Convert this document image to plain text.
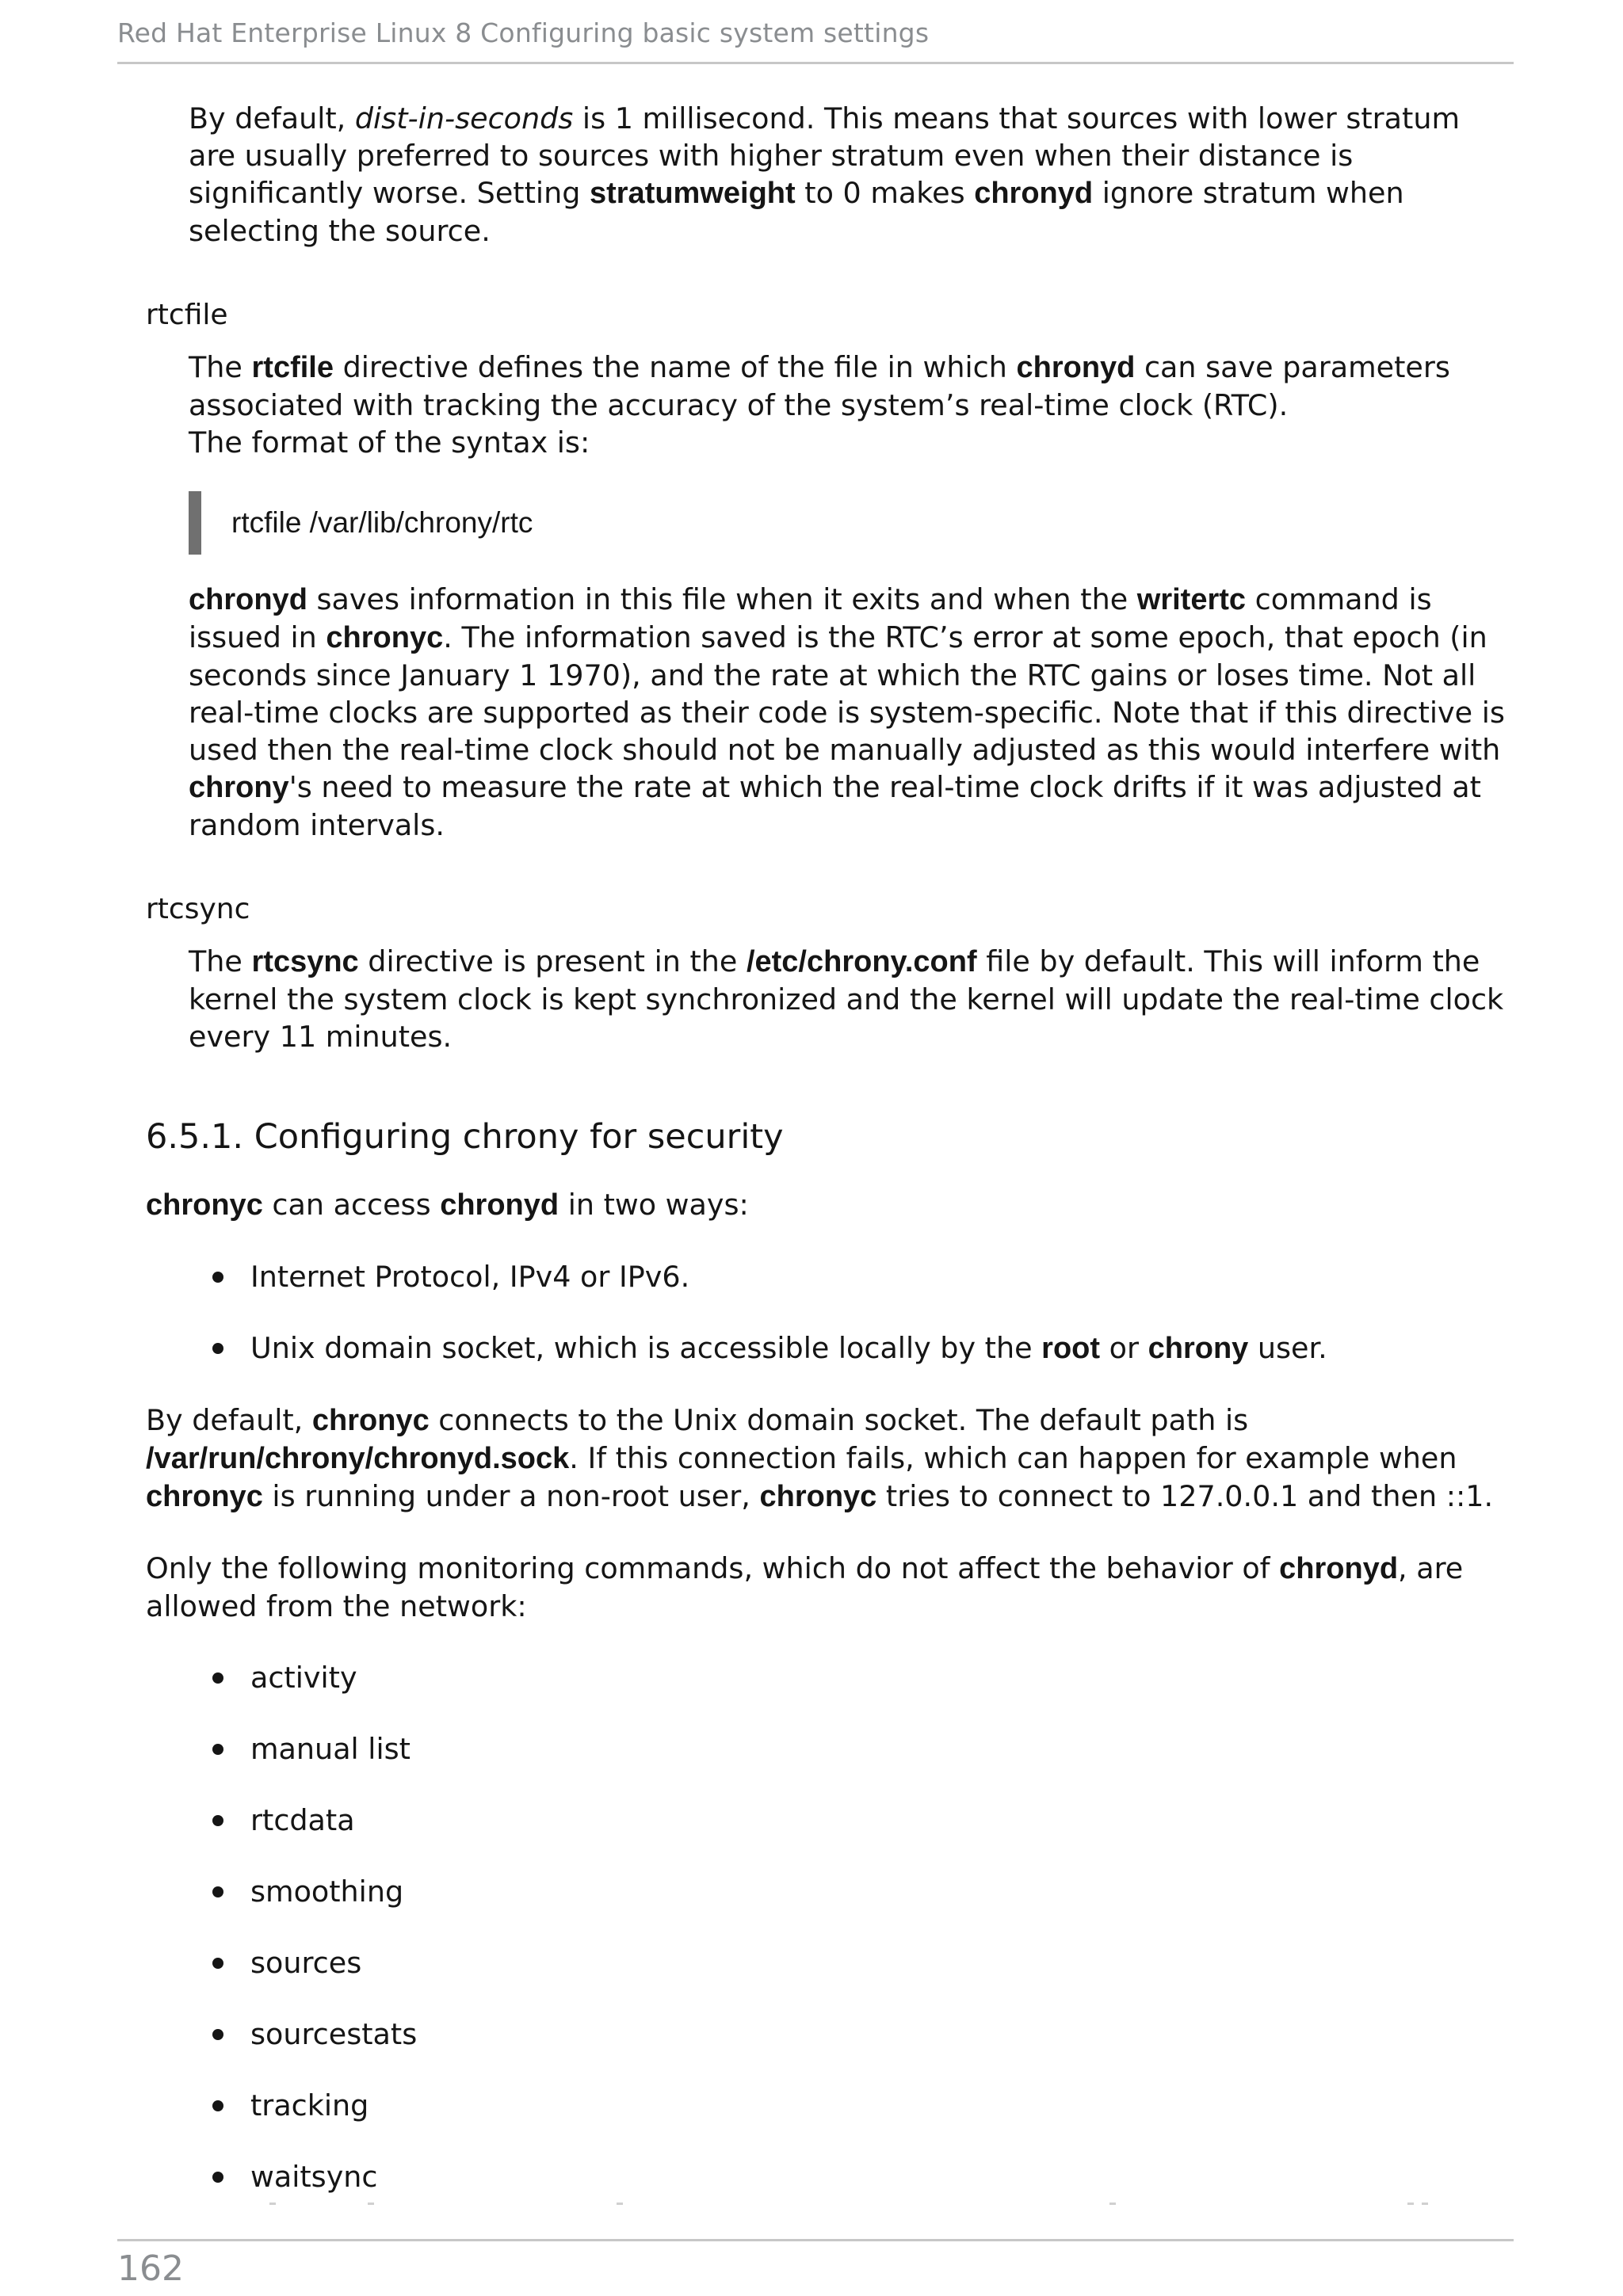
Red Hat Enterprise Linux 8 Configuring basic system settings

By default, dist-in-seconds is 1 millisecond. This means that sources with lower stratum are usually preferred to sources with higher stratum even when their distance is significantly worse. Setting stratumweight to 0 makes chronyd ignore stratum when selecting the source.

rtcfile

The rtcfile directive defines the name of the file in which chronyd can save parameters associated with tracking the accuracy of the system’s real-time clock (RTC).

The format of the syntax is:

rtcfile /var/lib/chrony/rtc

chronyd saves information in this file when it exits and when the writertc command is issued in chronyc. The information saved is the RTC’s error at some epoch, that epoch (in seconds since January 1 1970), and the rate at which the RTC gains or loses time. Not all real-time clocks are supported as their code is system-specific. Note that if this directive is used then the real-time clock should not be manually adjusted as this would interfere with chrony's need to measure the rate at which the real-time clock drifts if it was adjusted at random intervals.

rtcsync

The rtcsync directive is present in the /etc/chrony.conf file by default. This will inform the kernel the system clock is kept synchronized and the kernel will update the real-time clock every 11 minutes.

6.5.1. Configuring chrony for security

chronyc can access chronyd in two ways:

Internet Protocol, IPv4 or IPv6.
Unix domain socket, which is accessible locally by the root or chrony user.

By default, chronyc connects to the Unix domain socket. The default path is /var/run/chrony/chronyd.sock. If this connection fails, which can happen for example when chronyc is running under a non-root user, chronyc tries to connect to 127.0.0.1 and then ::1.

Only the following monitoring commands, which do not affect the behavior of chronyd, are allowed from the network:

activity
manual list
rtcdata
smoothing
sources
sourcestats
tracking
waitsync
162
